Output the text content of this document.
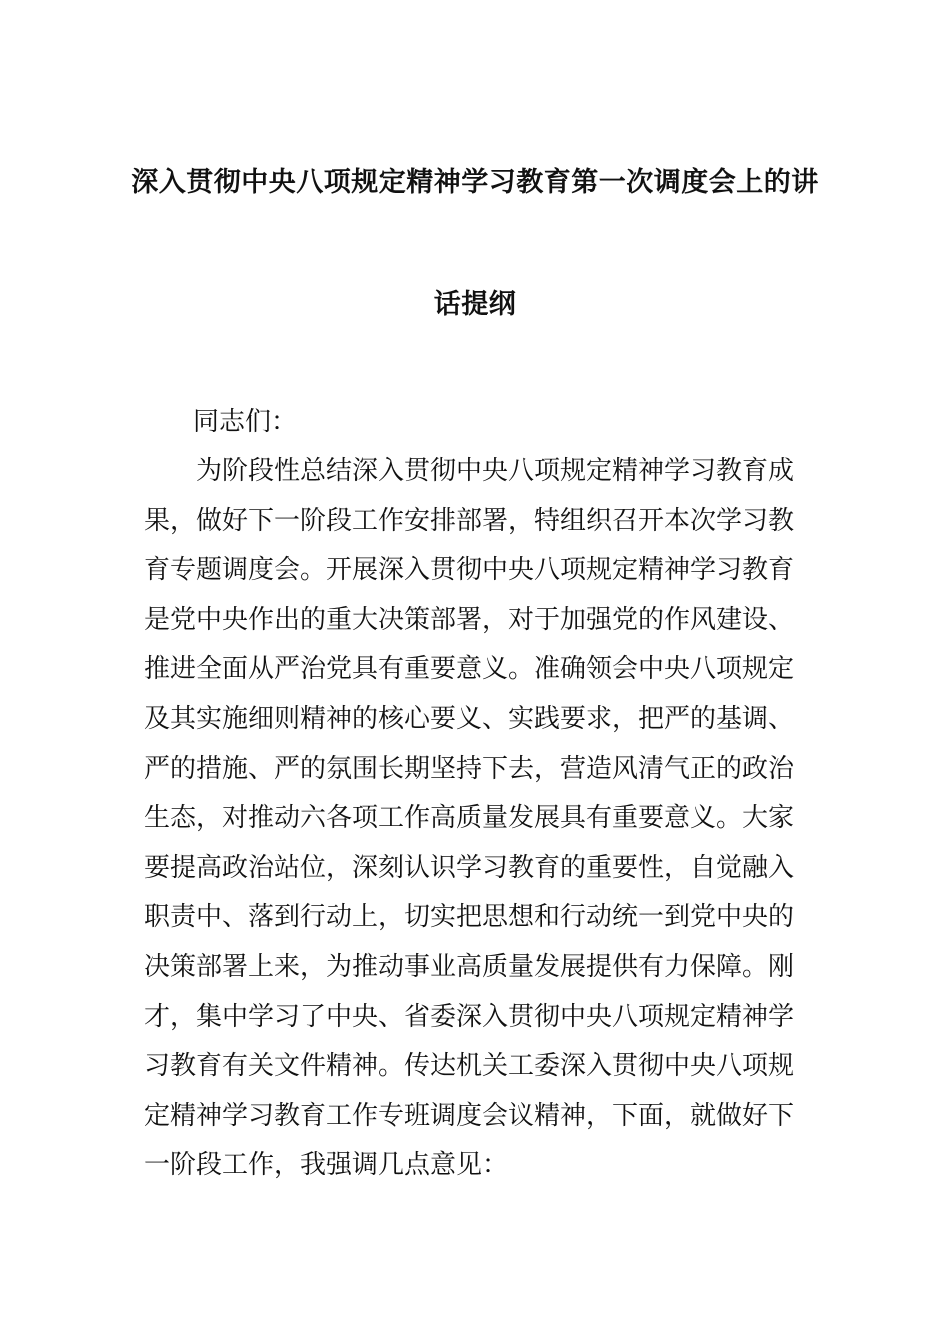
深入贯彻中央八项规定精神学习教育第一次调度会上的讲
话提纲
同志们：
为阶段性总结深入贯彻中央八项规定精神学习教育成
果，做好下一阶段工作安排部署，特组织召开本次学习教
育专题调度会。开展深入贯彻中央八项规定精神学习教育
是党中央作出的重大决策部署，对于加强党的作风建设、
推进全面从严治党具有重要意义。准确领会中央八项规定
及其实施细则精神的核心要义、实践要求，把严的基调、
严的措施、严的氛围长期坚持下去，营造风清气正的政治
生态，对推动六各项工作高质量发展具有重要意义。大家
要提高政治站位，深刻认识学习教育的重要性，自觉融入
职责中、落到行动上，切实把思想和行动统一到党中央的
决策部署上来，为推动事业高质量发展提供有力保障。刚
才，集中学习了中央、省委深入贯彻中央八项规定精神学
习教育有关文件精神。传达机关工委深入贯彻中央八项规
定精神学习教育工作专班调度会议精神，下面，就做好下
一阶段工作，我强调几点意见：
